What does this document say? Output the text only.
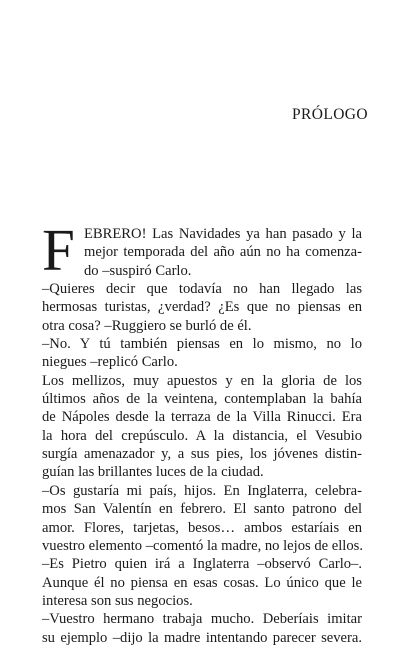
PRÓLOGO
F EBRERO! Las Navidades ya han pasado y la
mejor temporada del año aún no ha comenza-
do –suspiró Carlo.
–Quieres decir que todavía no han llegado las
hermosas turistas, ¿verdad? ¿Es que no piensas en
otra cosa? –Ruggiero se burló de él.
–No. Y tú también piensas en lo mismo, no lo
niegues –replicó Carlo.
Los mellizos, muy apuestos y en la gloria de los
últimos años de la veintena, contemplaban la bahía
de Nápoles desde la terraza de la Villa Rinucci. Era
la hora del crepúsculo. A la distancia, el Vesubio
surgía amenazador y, a sus pies, los jóvenes distin-
guían las brillantes luces de la ciudad.
–Os gustaría mi país, hijos. En Inglaterra, celebra-
mos San Valentín en febrero. El santo patrono del
amor. Flores, tarjetas, besos… ambos estaríais en
vuestro elemento –comentó la madre, no lejos de ellos.
–Es Pietro quien irá a Inglaterra –observó Carlo–.
Aunque él no piensa en esas cosas. Lo único que le
interesa son sus negocios.
–Vuestro hermano trabaja mucho. Deberíais imitar
su ejemplo –dijo la madre intentando parecer severa.
